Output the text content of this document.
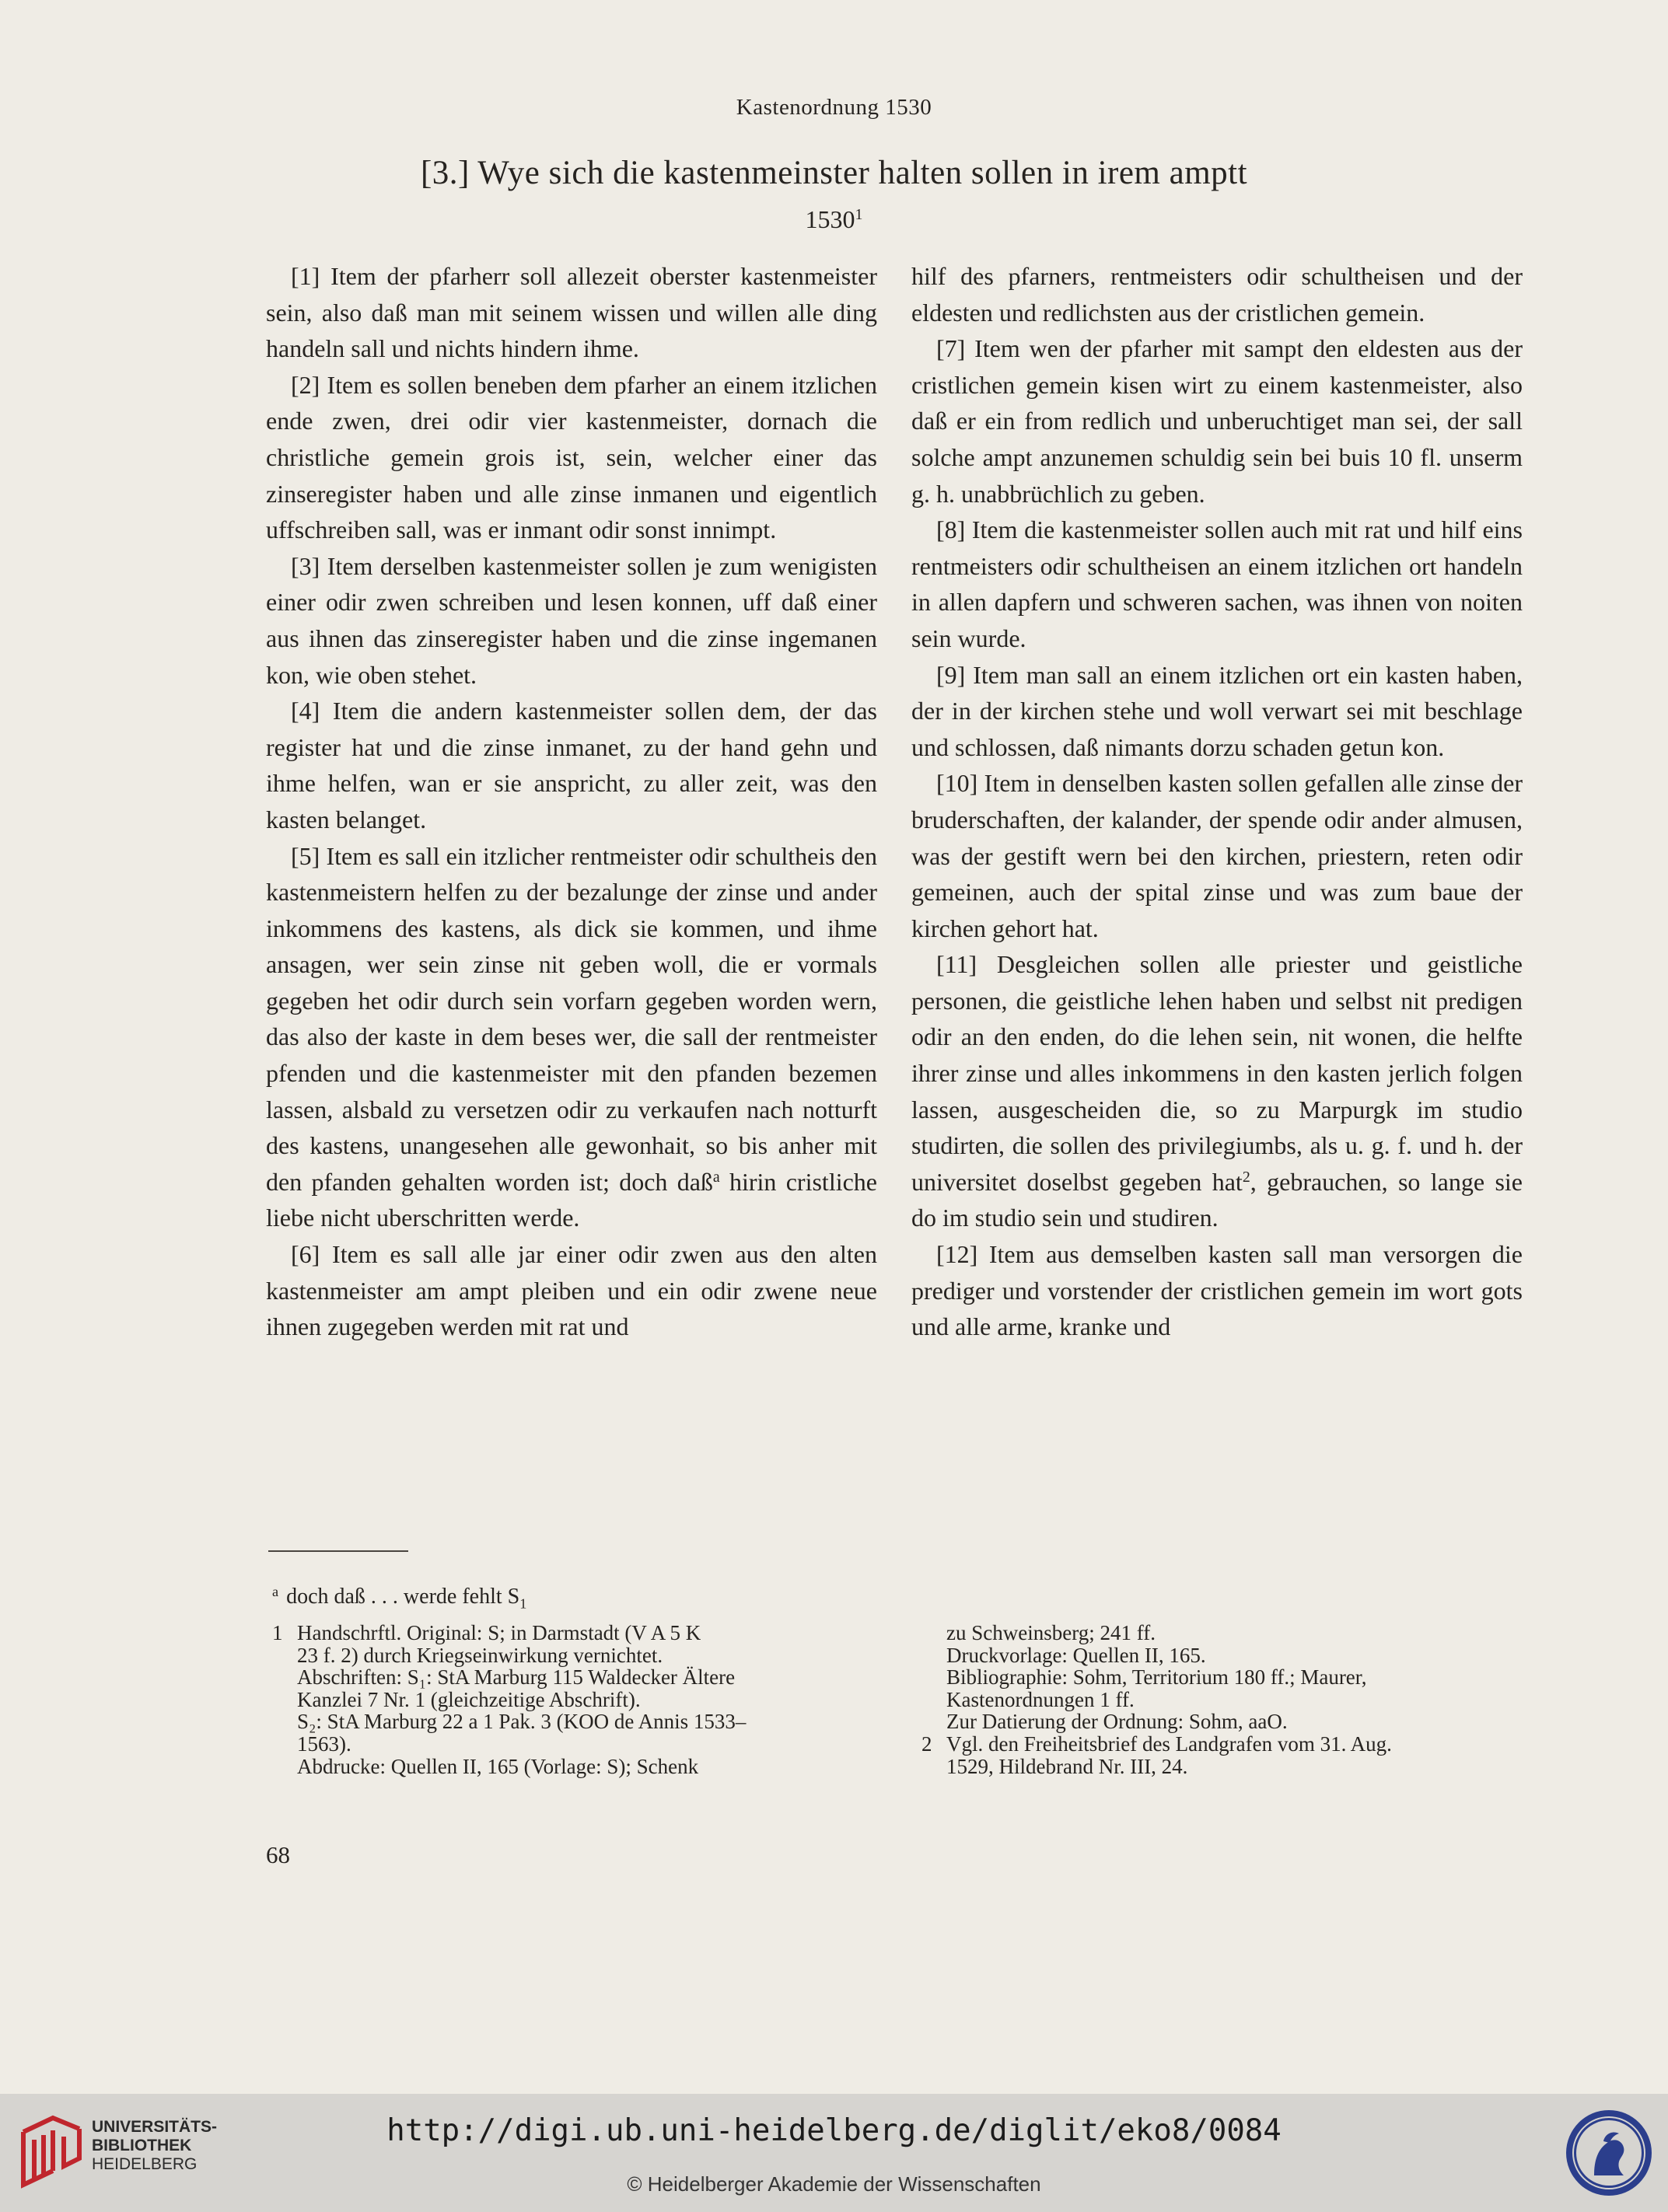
Kastenordnung 1530
[3.] Wye sich die kastenmeinster halten sollen in irem amptt
1530$^1$

[1] Item der pfarherr soll allezeit oberster kastenmeister sein, also daß man mit seinem wissen und willen alle ding handeln sall und nichts hindern ihme.

[2] Item es sollen beneben dem pfarher an einem itzlichen ende zwen, drei odir vier kastenmeister, dornach die christliche gemein grois ist, sein, welcher einer das zinseregister haben und alle zinse inmanen und eigentlich uffschreiben sall, was er inmant odir sonst innimpt.

[3] Item derselben kastenmeister sollen je zum wenigisten einer odir zwen schreiben und lesen konnen, uff daß einer aus ihnen das zinseregister haben und die zinse ingemanen kon, wie oben stehet.

[4] Item die andern kastenmeister sollen dem, der das register hat und die zinse inmanet, zu der hand gehn und ihme helfen, wan er sie anspricht, zu aller zeit, was den kasten belanget.

[5] Item es sall ein itzlicher rentmeister odir schultheis den kastenmeistern helfen zu der bezalunge der zinse und ander inkommens des kastens, als dick sie kommen, und ihme ansagen, wer sein zinse nit geben woll, die er vormals gegeben het odir durch sein vorfarn gegeben worden wern, das also der kaste in dem beses wer, die sall der rentmeister pfenden und die kastenmeister mit den pfanden bezemen lassen, alsbald zu versetzen odir zu verkaufen nach notturft des kastens, unangesehen alle gewonhait, so bis anher mit den pfanden gehalten worden ist; doch daß$^a$ hirin cristliche liebe nicht uberschritten werde.

[6] Item es sall alle jar einer odir zwen aus den alten kastenmeister am ampt pleiben und ein odir zwene neue ihnen zugegeben werden mit rat und

hilf des pfarners, rentmeisters odir schultheisen und der eldesten und redlichsten aus der cristlichen gemein.

[7] Item wen der pfarher mit sampt den eldesten aus der cristlichen gemein kisen wirt zu einem kastenmeister, also daß er ein from redlich und unberuchtiget man sei, der sall solche ampt anzunemen schuldig sein bei buis 10 fl. unserm g. h. unabbrüchlich zu geben.

[8] Item die kastenmeister sollen auch mit rat und hilf eins rentmeisters odir schultheisen an einem itzlichen ort handeln in allen dapfern und schweren sachen, was ihnen von noiten sein wurde.

[9] Item man sall an einem itzlichen ort ein kasten haben, der in der kirchen stehe und woll verwart sei mit beschlage und schlossen, daß nimants dorzu schaden getun kon.

[10] Item in denselben kasten sollen gefallen alle zinse der bruderschaften, der kalander, der spende odir ander almusen, was der gestift wern bei den kirchen, priestern, reten odir gemeinen, auch der spital zinse und was zum baue der kirchen gehort hat.

[11] Desgleichen sollen alle priester und geistliche personen, die geistliche lehen haben und selbst nit predigen odir an den enden, do die lehen sein, nit wonen, die helfte ihrer zinse und alles inkommens in den kasten jerlich folgen lassen, ausgescheiden die, so zu Marpurgk im studio studirten, die sollen des privilegiumbs, als u. g. f. und h. der universitet doselbst gegeben hat$^2$, gebrauchen, so lange sie do im studio sein und studiren.

[12] Item aus demselben kasten sall man versorgen die prediger und vorstender der cristlichen gemein im wort gots und alle arme, kranke und

$^a$ doch daß . . . werde fehlt $S_1$
1 Handschrftl. Original: S; in Darmstadt (V A 5 K
23 f. 2) durch Kriegseinwirkung vernichtet.
Abschriften: S₁: StA Marburg 115 Waldecker Ältere
Kanzlei 7 Nr. 1 (gleichzeitige Abschrift).
S₂: StA Marburg 22 a 1 Pak. 3 (KOO de Annis 1533–
1563).
Abdrucke: Quellen II, 165 (Vorlage: S); Schenk
zu Schweinsberg; 241 ff.
Druckvorlage: Quellen II, 165.
Bibliographie: Sohm, Territorium 180 ff.; Maurer,
Kastenordnungen 1 ff.
Zur Datierung der Ordnung: Sohm, aaO.
2 Vgl. den Freiheitsbrief des Landgrafen vom 31. Aug.
1529, Hildebrand Nr. III, 24.
68
UNIVERSITÄTS-
BIBLIOTHEK
HEIDELBERG
http://digi.ub.uni-heidelberg.de/diglit/eko8/0084
© Heidelberger Akademie der Wissenschaften
